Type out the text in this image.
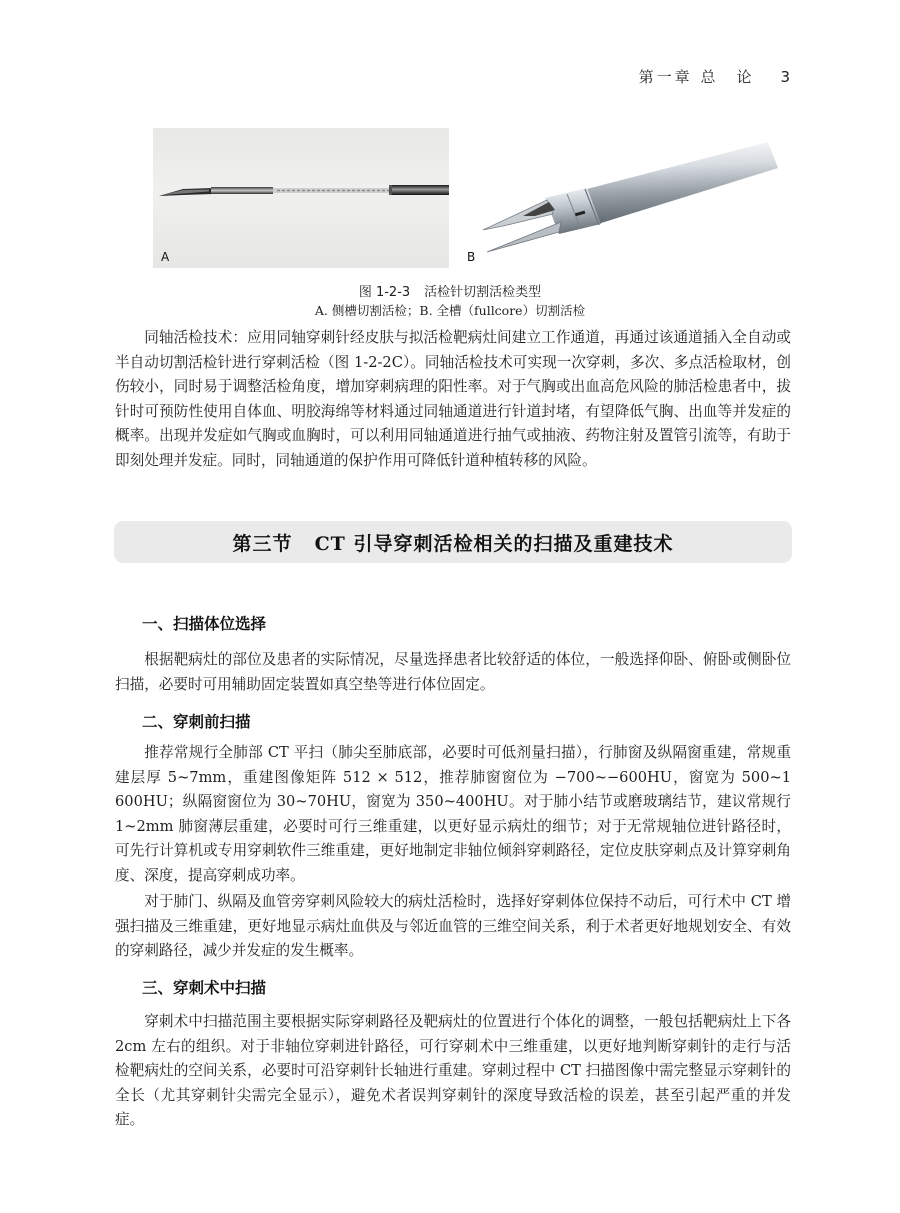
第一章 总　论 3
A	B
图 1-2-3 活检针切割活检类型
A. 侧槽切割活检；B. 全槽（fullcore）切割活检

同轴活检技术：应用同轴穿刺针经皮肤与拟活检靶病灶间建立工作通道，再通过该通道插入全自动或半自动切割活检针进行穿刺活检（图 1-2-2C）。同轴活检技术可实现一次穿刺，多次、多点活检取材，创伤较小，同时易于调整活检角度，增加穿刺病理的阳性率。对于气胸或出血高危风险的肺活检患者中，拔针时可预防性使用自体血、明胶海绵等材料通过同轴通道进行针道封堵，有望降低气胸、出血等并发症的概率。出现并发症如气胸或血胸时，可以利用同轴通道进行抽气或抽液、药物注射及置管引流等，有助于即刻处理并发症。同时，同轴通道的保护作用可降低针道种植转移的风险。

第三节 CT 引导穿刺活检相关的扫描及重建技术
一、扫描体位选择

根据靶病灶的部位及患者的实际情况，尽量选择患者比较舒适的体位，一般选择仰卧、俯卧或侧卧位扫描，必要时可用辅助固定装置如真空垫等进行体位固定。

二、穿刺前扫描

推荐常规行全肺部 CT 平扫（肺尖至肺底部，必要时可低剂量扫描），行肺窗及纵隔窗重建，常规重建层厚 5~7mm，重建图像矩阵 512 × 512，推荐肺窗窗位为 −700~−600HU，窗宽为 500~1 600HU；纵隔窗窗位为 30~70HU，窗宽为 350~400HU。对于肺小结节或磨玻璃结节，建议常规行 1~2mm 肺窗薄层重建，必要时可行三维重建，以更好显示病灶的细节；对于无常规轴位进针路径时，可先行计算机或专用穿刺软件三维重建，更好地制定非轴位倾斜穿刺路径，定位皮肤穿刺点及计算穿刺角度、深度，提高穿刺成功率。

对于肺门、纵隔及血管旁穿刺风险较大的病灶活检时，选择好穿刺体位保持不动后，可行术中 CT 增强扫描及三维重建，更好地显示病灶血供及与邻近血管的三维空间关系，利于术者更好地规划安全、有效的穿刺路径，减少并发症的发生概率。

三、穿刺术中扫描

穿刺术中扫描范围主要根据实际穿刺路径及靶病灶的位置进行个体化的调整，一般包括靶病灶上下各 2cm 左右的组织。对于非轴位穿刺进针路径，可行穿刺术中三维重建，以更好地判断穿刺针的走行与活检靶病灶的空间关系，必要时可沿穿刺针长轴进行重建。穿刺过程中 CT 扫描图像中需完整显示穿刺针的全长（尤其穿刺针尖需完全显示），避免术者误判穿刺针的深度导致活检的误差，甚至引起严重的并发症。
